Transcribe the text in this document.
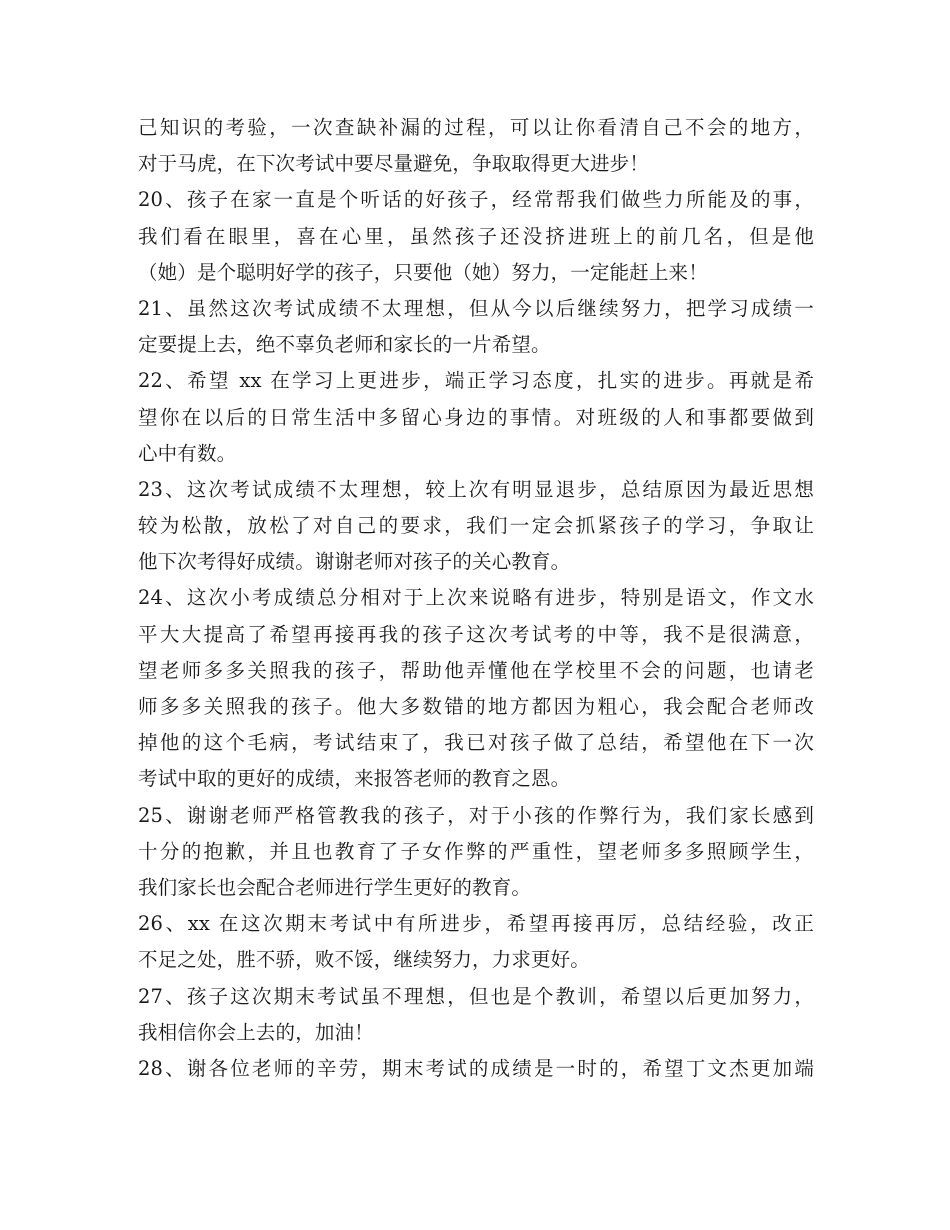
己知识的考验，一次查缺补漏的过程，可以让你看清自己不会的地方，
对于马虎，在下次考试中要尽量避免，争取取得更大进步！
20、孩子在家一直是个听话的好孩子，经常帮我们做些力所能及的事，
我们看在眼里，喜在心里，虽然孩子还没挤进班上的前几名，但是他
（她）是个聪明好学的孩子，只要他（她）努力，一定能赶上来！
21、虽然这次考试成绩不太理想，但从今以后继续努力，把学习成绩一
定要提上去，绝不辜负老师和家长的一片希望。
22、希望 xx 在学习上更进步，端正学习态度，扎实的进步。再就是希
望你在以后的日常生活中多留心身边的事情。对班级的人和事都要做到
心中有数。
23、这次考试成绩不太理想，较上次有明显退步，总结原因为最近思想
较为松散，放松了对自己的要求，我们一定会抓紧孩子的学习，争取让
他下次考得好成绩。谢谢老师对孩子的关心教育。
24、这次小考成绩总分相对于上次来说略有进步，特别是语文，作文水
平大大提高了希望再接再我的孩子这次考试考的中等，我不是很满意，
望老师多多关照我的孩子，帮助他弄懂他在学校里不会的问题，也请老
师多多关照我的孩子。他大多数错的地方都因为粗心，我会配合老师改
掉他的这个毛病，考试结束了，我已对孩子做了总结，希望他在下一次
考试中取的更好的成绩，来报答老师的教育之恩。
25、谢谢老师严格管教我的孩子，对于小孩的作弊行为，我们家长感到
十分的抱歉，并且也教育了子女作弊的严重性，望老师多多照顾学生，
我们家长也会配合老师进行学生更好的教育。
26、xx 在这次期末考试中有所进步，希望再接再厉，总结经验，改正
不足之处，胜不骄，败不馁，继续努力，力求更好。
27、孩子这次期末考试虽不理想，但也是个教训，希望以后更加努力，
我相信你会上去的，加油！
28、谢各位老师的辛劳，期末考试的成绩是一时的，希望丁文杰更加端
